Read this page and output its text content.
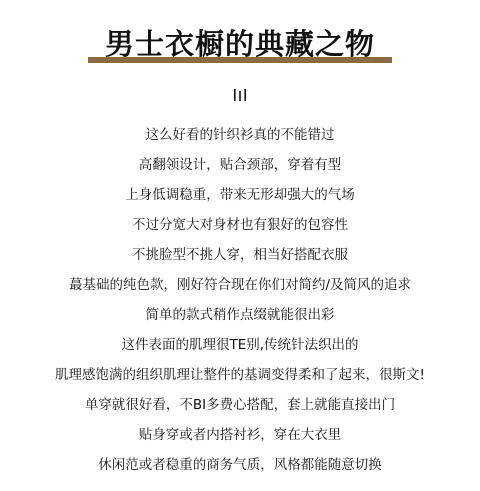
男士衣橱的典藏之物
这么好看的针织衫真的不能错过
高翻领设计，贴合颈部，穿着有型
上身低调稳重，带来无形却强大的气场
不过分宽大对身材也有狠好的包容性
不挑脸型不挑人穿，相当好搭配衣服
蕞基础的纯色款，刚好符合现在你们对简约/及简风的追求
简单的款式稍作点缀就能很出彩
这件表面的肌理很TE别,传统针法织出的
肌理感饱满的组织肌理让整件的基调变得柔和了起来，很斯文!
单穿就很好看，不BI多费心搭配，套上就能直接出门
贴身穿或者内搭衬衫，穿在大衣里
休闲范或者稳重的商务气质，风格都能随意切换
